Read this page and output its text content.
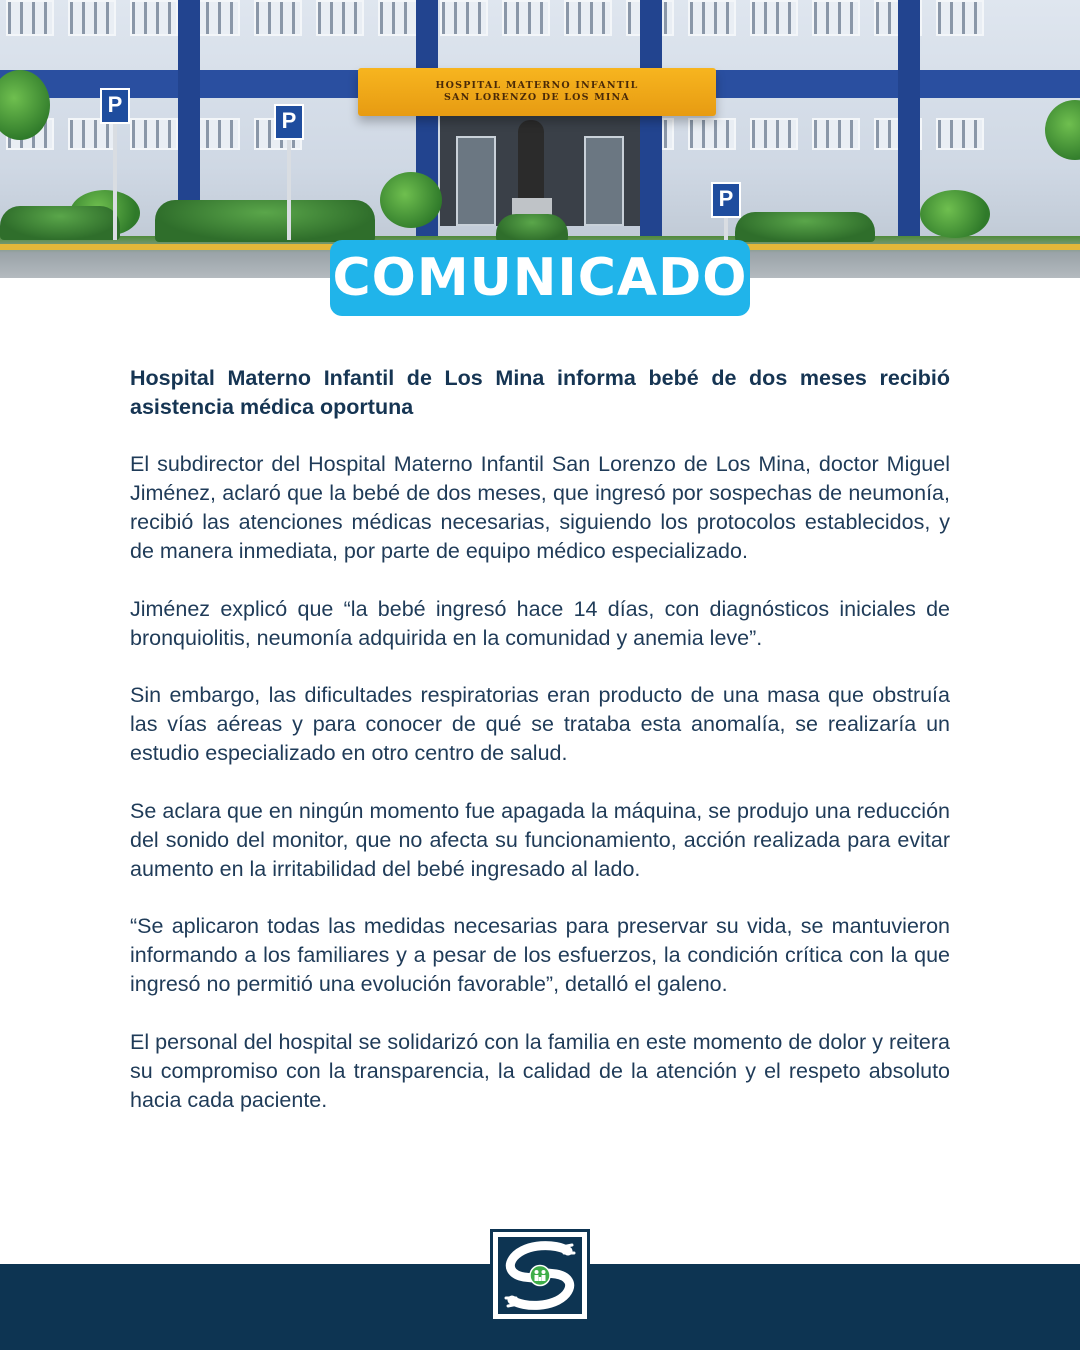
HOSPITAL MATERNO INFANTIL
SAN LORENZO DE LOS MINA
P
P
P
COMUNICADO

Hospital Materno Infantil de Los Mina informa bebé de dos meses recibió asistencia médica oportuna

El subdirector del Hospital Materno Infantil San Lorenzo de Los Mina, doctor Miguel Jiménez, aclaró que la bebé de dos meses, que ingresó por sospechas de neumonía, recibió las atenciones médicas necesarias, siguiendo los protocolos establecidos, y de manera inmediata, por parte de equipo médico especializado.

Jiménez explicó que “la bebé ingresó hace 14 días, con diagnósticos iniciales de bronquiolitis, neumonía adquirida en la comunidad y anemia leve”.

Sin embargo, las dificultades respiratorias eran producto de una masa que obstruía las vías aéreas y para conocer de qué se trataba esta anomalía, se realizaría un estudio especializado en otro centro de salud.

Se aclara que en ningún momento fue apagada la máquina, se produjo una reducción del sonido del monitor, que no afecta su funcionamiento, acción realizada para evitar aumento en la irritabilidad del bebé ingresado al lado.

“Se aplicaron todas las medidas necesarias para preservar su vida, se mantuvieron informando a los familiares y a pesar de los esfuerzos, la condición crítica con la que ingresó no permitió una evolución favorable”, detalló el galeno.

El personal del hospital se solidarizó con la familia en este momento de dolor y reitera su compromiso con la transparencia, la calidad de la atención y el respeto absoluto hacia cada paciente.
